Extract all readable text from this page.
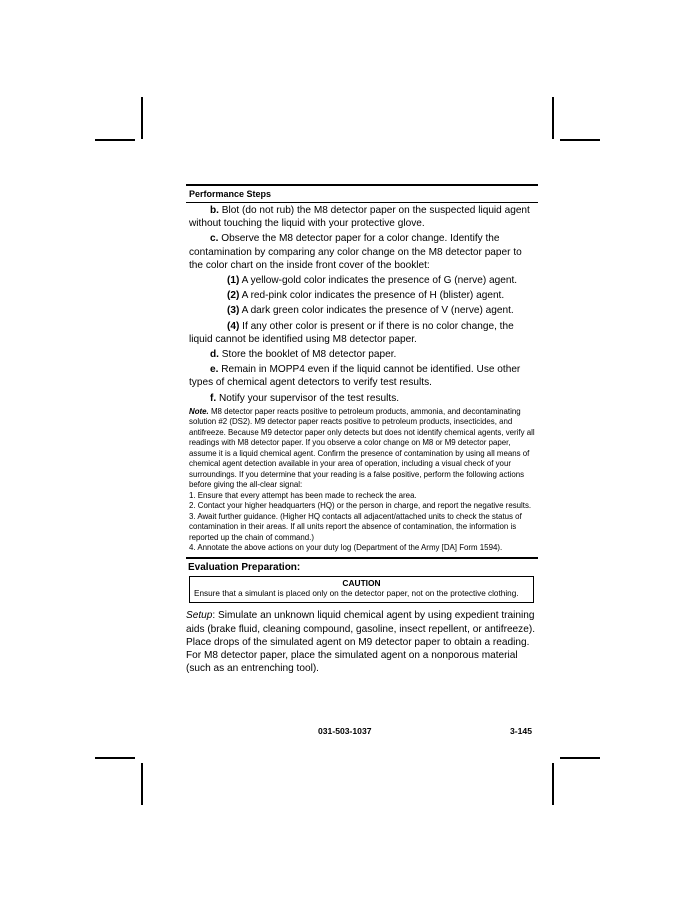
Performance Steps
b. Blot (do not rub) the M8 detector paper on the suspected liquid agent without touching the liquid with your protective glove.
c. Observe the M8 detector paper for a color change. Identify the contamination by comparing any color change on the M8 detector paper to the color chart on the inside front cover of the booklet:
(1) A yellow-gold color indicates the presence of G (nerve) agent.
(2) A red-pink color indicates the presence of H (blister) agent.
(3) A dark green color indicates the presence of V (nerve) agent.
(4) If any other color is present or if there is no color change, the liquid cannot be identified using M8 detector paper.
d. Store the booklet of M8 detector paper.
e. Remain in MOPP4 even if the liquid cannot be identified. Use other types of chemical agent detectors to verify test results.
f. Notify your supervisor of the test results.
Note. M8 detector paper reacts positive to petroleum products, ammonia, and decontaminating solution #2 (DS2). M9 detector paper reacts positive to petroleum products, insecticides, and antifreeze. Because M9 detector paper only detects but does not identify chemical agents, verify all readings with M8 detector paper. If you observe a color change on M8 or M9 detector paper, assume it is a liquid chemical agent. Confirm the presence of contamination by using all means of chemical agent detection available in your area of operation, including a visual check of your surroundings. If you determine that your reading is a false positive, perform the following actions before giving the all-clear signal:
1. Ensure that every attempt has been made to recheck the area.
2. Contact your higher headquarters (HQ) or the person in charge, and report the negative results.
3. Await further guidance. (Higher HQ contacts all adjacent/attached units to check the status of contamination in their areas. If all units report the absence of contamination, the information is reported up the chain of command.)
4. Annotate the above actions on your duty log (Department of the Army [DA] Form 1594).
Evaluation Preparation:
CAUTION
Ensure that a simulant is placed only on the detector paper, not on the protective clothing.
Setup: Simulate an unknown liquid chemical agent by using expedient training aids (brake fluid, cleaning compound, gasoline, insect repellent, or antifreeze). Place drops of the simulated agent on M9 detector paper to obtain a reading. For M8 detector paper, place the simulated agent on a nonporous material (such as an entrenching tool).
031-503-1037	3-145
